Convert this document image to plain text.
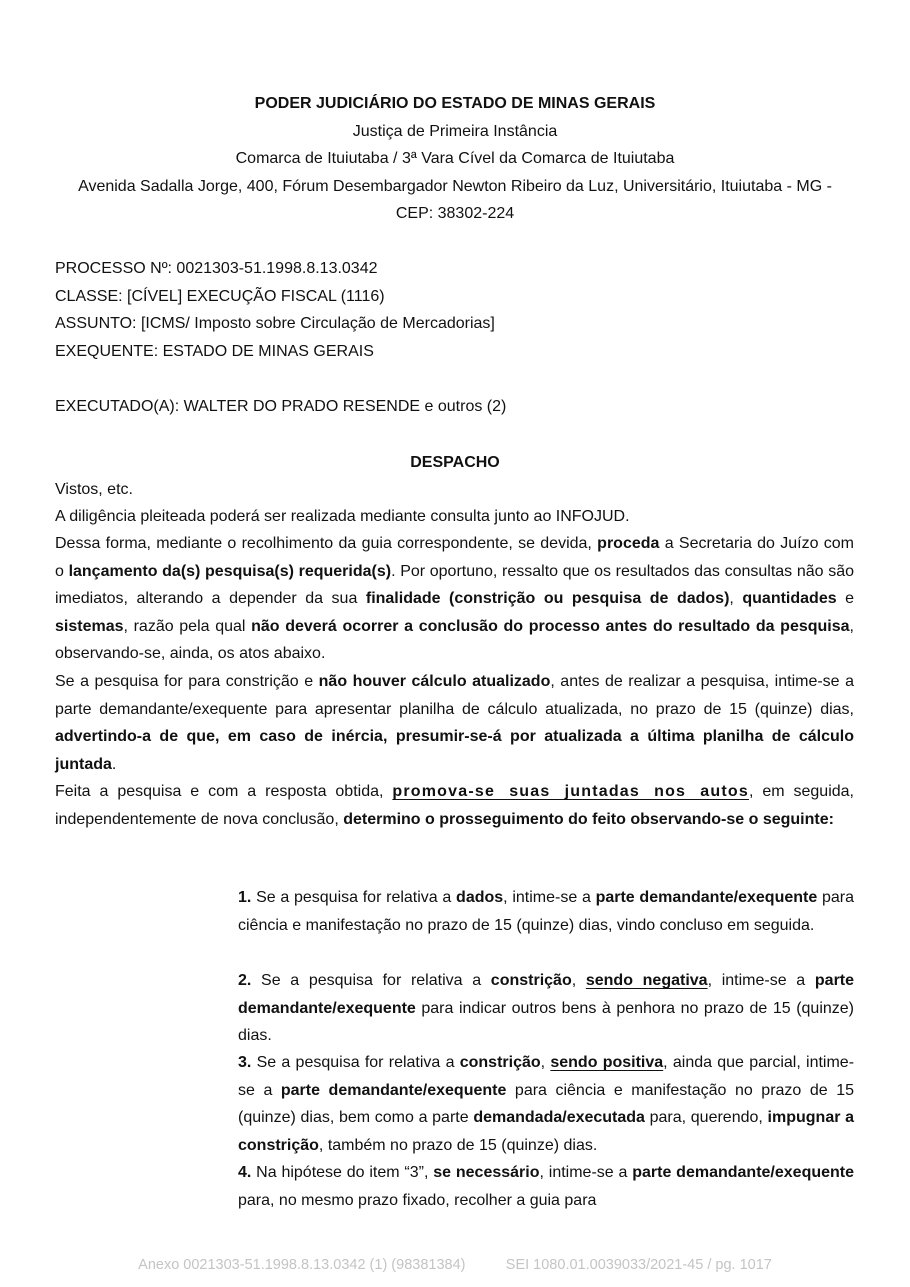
PODER JUDICIÁRIO DO ESTADO DE MINAS GERAIS
Justiça de Primeira Instância
Comarca de Ituiutaba / 3ª Vara Cível da Comarca de Ituiutaba
Avenida Sadalla Jorge, 400, Fórum Desembargador Newton Ribeiro da Luz, Universitário, Ituiutaba - MG -
CEP: 38302-224
PROCESSO Nº: 0021303-51.1998.8.13.0342
CLASSE: [CÍVEL] EXECUÇÃO FISCAL (1116)
ASSUNTO: [ICMS/ Imposto sobre Circulação de Mercadorias]
EXEQUENTE: ESTADO DE MINAS GERAIS
EXECUTADO(A): WALTER DO PRADO RESENDE e outros (2)
DESPACHO
Vistos, etc.
A diligência pleiteada poderá ser realizada mediante consulta junto ao INFOJUD.
Dessa forma, mediante o recolhimento da guia correspondente, se devida, proceda a Secretaria do Juízo com o lançamento da(s) pesquisa(s) requerida(s). Por oportuno, ressalto que os resultados das consultas não são imediatos, alterando a depender da sua finalidade (constrição ou pesquisa de dados), quantidades e sistemas, razão pela qual não deverá ocorrer a conclusão do processo antes do resultado da pesquisa, observando-se, ainda, os atos abaixo.
Se a pesquisa for para constrição e não houver cálculo atualizado, antes de realizar a pesquisa, intime-se a parte demandante/exequente para apresentar planilha de cálculo atualizada, no prazo de 15 (quinze) dias, advertindo-a de que, em caso de inércia, presumir-se-á por atualizada a última planilha de cálculo juntada.
Feita a pesquisa e com a resposta obtida, promova-se suas juntadas nos autos, em seguida, independentemente de nova conclusão, determino o prosseguimento do feito observando-se o seguinte:
1. Se a pesquisa for relativa a dados, intime-se a parte demandante/exequente para ciência e manifestação no prazo de 15 (quinze) dias, vindo concluso em seguida.
2. Se a pesquisa for relativa a constrição, sendo negativa, intime-se a parte demandante/exequente para indicar outros bens à penhora no prazo de 15 (quinze) dias.
3. Se a pesquisa for relativa a constrição, sendo positiva, ainda que parcial, intime-se a parte demandante/exequente para ciência e manifestação no prazo de 15 (quinze) dias, bem como a parte demandada/executada para, querendo, impugnar a constrição, também no prazo de 15 (quinze) dias.
4. Na hipótese do item “3”, se necessário, intime-se a parte demandante/exequente para, no mesmo prazo fixado, recolher a guia para
Anexo 0021303-51.1998.8.13.0342 (1) (98381384)	SEI 1080.01.0039033/2021-45 / pg. 1017
